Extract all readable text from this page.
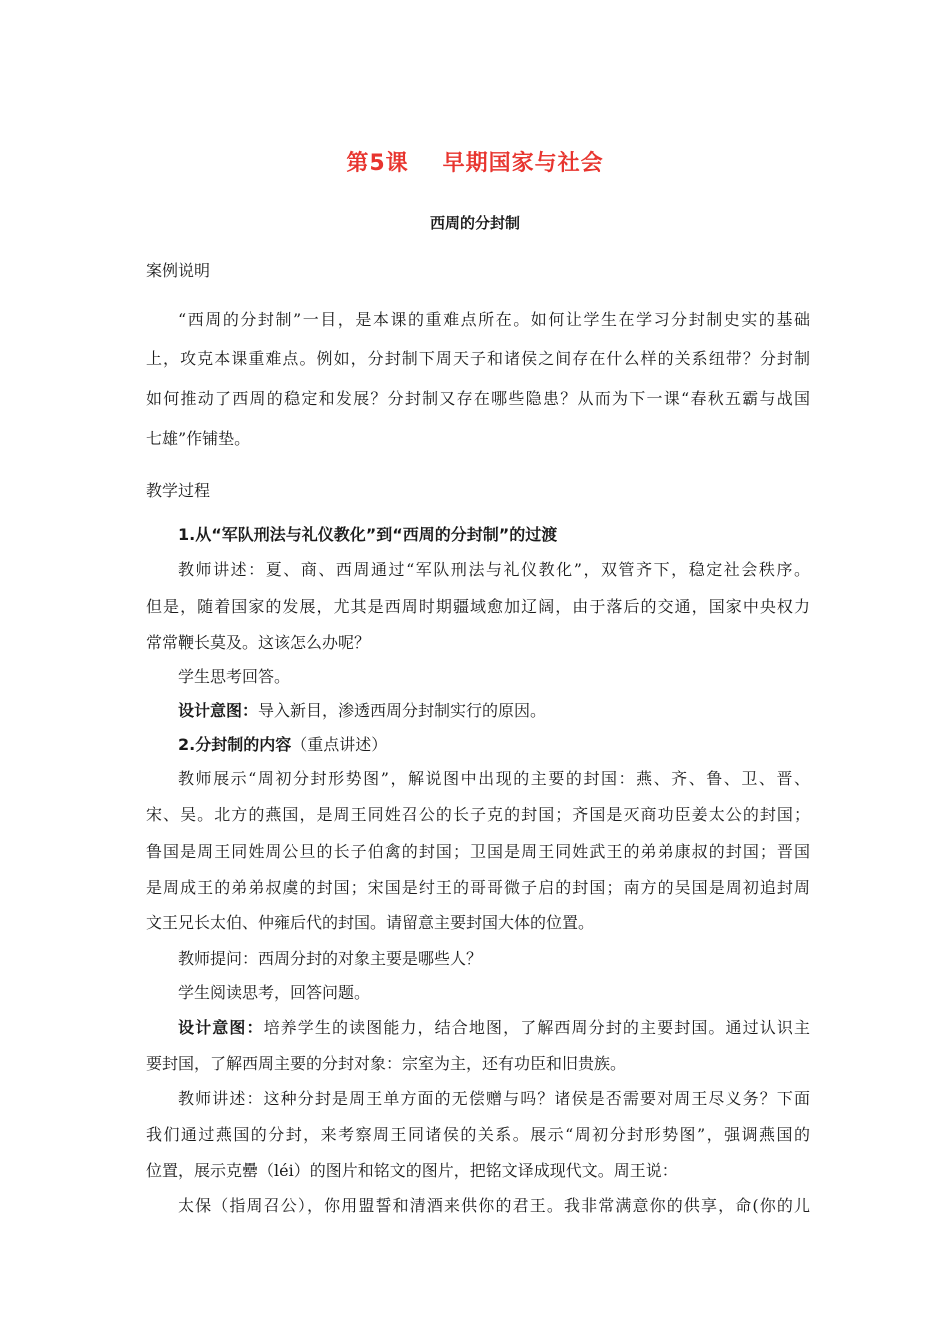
第5课 早期国家与社会
西周的分封制
案例说明
“西周的分封制”一目，是本课的重难点所在。如何让学生在学习分封制史实的基础
上，攻克本课重难点。例如，分封制下周天子和诸侯之间存在什么样的关系纽带？分封制
如何推动了西周的稳定和发展？分封制又存在哪些隐患？从而为下一课“春秋五霸与战国
七雄”作铺垫。
教学过程
1.从“军队刑法与礼仪教化”到“西周的分封制”的过渡
教师讲述：夏、商、西周通过“军队刑法与礼仪教化”，双管齐下，稳定社会秩序。
但是，随着国家的发展，尤其是西周时期疆域愈加辽阔，由于落后的交通，国家中央权力
常常鞭长莫及。这该怎么办呢？
学生思考回答。
设计意图：导入新目，渗透西周分封制实行的原因。
2.分封制的内容（重点讲述）
教师展示“周初分封形势图”，解说图中出现的主要的封国：燕、齐、鲁、卫、晋、
宋、吴。北方的燕国，是周王同姓召公的长子克的封国；齐国是灭商功臣姜太公的封国；
鲁国是周王同姓周公旦的长子伯禽的封国；卫国是周王同姓武王的弟弟康叔的封国；晋国
是周成王的弟弟叔虞的封国；宋国是纣王的哥哥微子启的封国；南方的吴国是周初追封周
文王兄长太伯、仲雍后代的封国。请留意主要封国大体的位置。
教师提问：西周分封的对象主要是哪些人？
学生阅读思考，回答问题。
设计意图：培养学生的读图能力，结合地图，了解西周分封的主要封国。通过认识主
要封国，了解西周主要的分封对象：宗室为主，还有功臣和旧贵族。
教师讲述：这种分封是周王单方面的无偿赠与吗？诸侯是否需要对周王尽义务？下面
我们通过燕国的分封，来考察周王同诸侯的关系。展示“周初分封形势图”，强调燕国的
位置，展示克罍（léi）的图片和铭文的图片，把铭文译成现代文。周王说：
太保（指周召公），你用盟誓和清酒来供你的君王。我非常满意你的供享，命(你的儿
